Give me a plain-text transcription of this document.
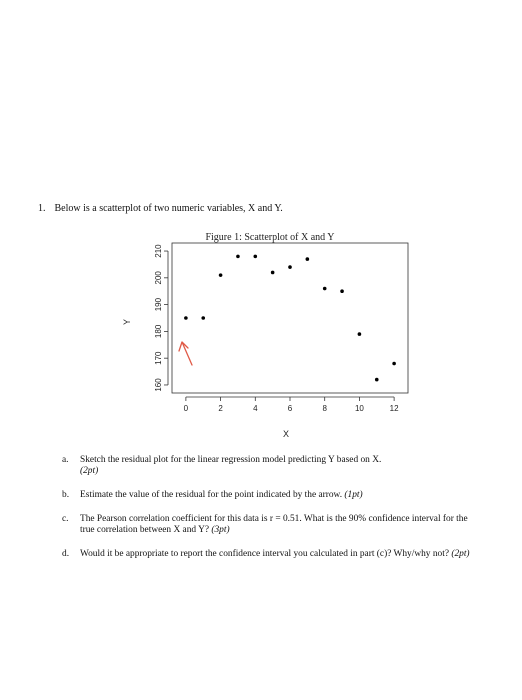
1. Below is a scatterplot of two numeric variables, X and Y.
Figure 1: Scatterplot of X and Y
0	2	4	6	8	10	12
160
170
180
190
200
210
X
Y
a. Sketch the residual plot for the linear regression model predicting Y based on X.
(2pt)
b. Estimate the value of the residual for the point indicated by the arrow. (1pt)
c. The Pearson correlation coefficient for this data is r = 0.51. What is the 90% confidence interval for the true correlation between X and Y? (3pt)
d. Would it be appropriate to report the confidence interval you calculated in part (c)? Why/why not? (2pt)
